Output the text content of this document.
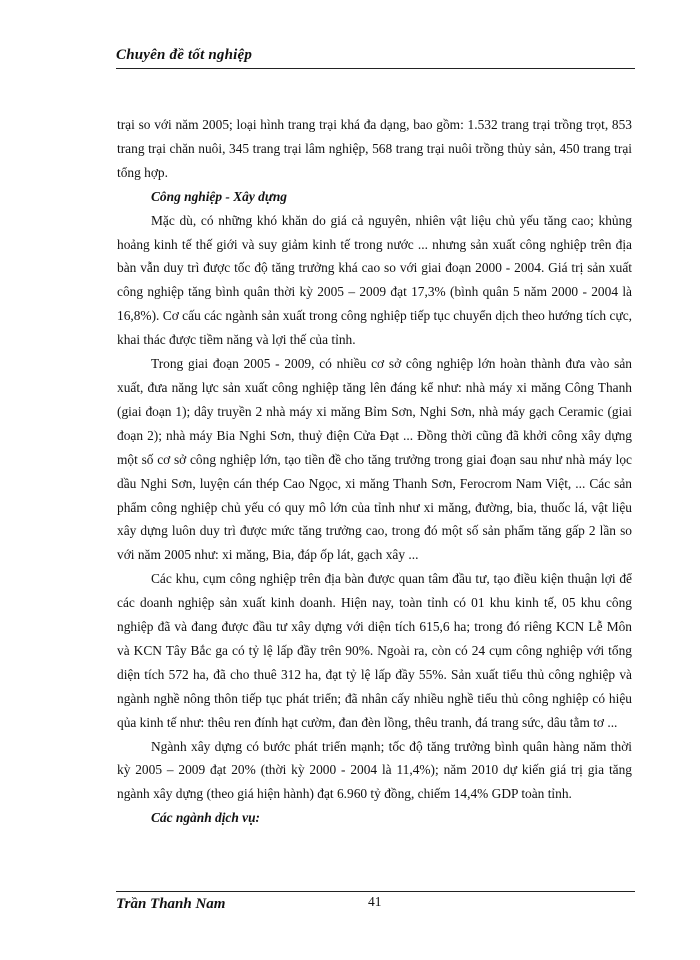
Chuyên đề tốt nghiệp

trại so với năm 2005; loại hình trang trại khá đa dạng, bao gồm: 1.532 trang trại trồng trọt, 853 trang trại chăn nuôi, 345 trang trại lâm nghiệp, 568 trang trại nuôi trồng thủy sản, 450 trang trại tổng hợp.

Công nghiệp - Xây dựng

Mặc dù, có những khó khăn do giá cả nguyên, nhiên vật liệu chủ yếu tăng cao; khủng hoảng kinh tế thế giới và suy giảm kinh tế trong nước ... nhưng sản xuất công nghiệp trên địa bàn vẫn duy trì được tốc độ tăng trưởng khá cao so với giai đoạn 2000 - 2004. Giá trị sản xuất công nghiệp tăng bình quân thời kỳ 2005 – 2009 đạt 17,3% (bình quân 5 năm 2000 - 2004 là 16,8%). Cơ cấu các ngành sản xuất trong công nghiệp tiếp tục chuyển dịch theo hướng tích cực, khai thác được tiềm năng và lợi thế của tỉnh.

Trong giai đoạn 2005 - 2009, có nhiều cơ sở công nghiệp lớn hoàn thành đưa vào sản xuất, đưa năng lực sản xuất công nghiệp tăng lên đáng kể như: nhà máy xi măng Công Thanh (giai đoạn 1); dây truyền 2 nhà máy xi măng Bỉm Sơn, Nghi Sơn, nhà máy gạch Ceramic (giai đoạn 2); nhà máy Bia Nghi Sơn, thuỷ điện Cửa Đạt ... Đồng thời cũng đã khởi công xây dựng một số cơ sở công nghiệp lớn, tạo tiền đề cho tăng trưởng trong giai đoạn sau như nhà máy lọc dầu Nghi Sơn, luyện cán thép Cao Ngọc, xi măng Thanh Sơn, Ferocrom Nam Việt, ... Các sản phẩm công nghiệp chủ yếu có quy mô lớn của tỉnh như xi măng, đường, bia, thuốc lá, vật liệu xây dựng luôn duy trì được mức tăng trưởng cao, trong đó một số sản phẩm tăng gấp 2 lần so với năm 2005 như: xi măng, Bia, đáp ốp lát, gạch xây ...

Các khu, cụm công nghiệp trên địa bàn được quan tâm đầu tư, tạo điều kiện thuận lợi để các doanh nghiệp sản xuất kinh doanh. Hiện nay, toàn tỉnh có 01 khu kinh tế, 05 khu công nghiệp đã và đang được đầu tư xây dựng với diện tích 615,6 ha; trong đó riêng KCN Lễ Môn và KCN Tây Bắc ga có tỷ lệ lấp đầy trên 90%. Ngoài ra, còn có 24 cụm công nghiệp với tổng diện tích 572 ha, đã cho thuê 312 ha, đạt tỷ lệ lấp đầy 55%. Sản xuất tiểu thủ công nghiệp và ngành nghề nông thôn tiếp tục phát triển; đã nhân cấy nhiều nghề tiểu thủ công nghiệp có hiệu qủa kinh tế như: thêu ren đính hạt cườm, đan đèn lồng, thêu tranh, đá trang sức, dâu tằm tơ ...

Ngành xây dựng có bước phát triển mạnh; tốc độ tăng trưởng bình quân hàng năm thời kỳ 2005 – 2009 đạt 20% (thời kỳ 2000 - 2004 là 11,4%); năm 2010 dự kiến giá trị gia tăng ngành xây dựng (theo giá hiện hành) đạt 6.960 tỷ đồng, chiếm 14,4% GDP toàn tỉnh.

Các ngành dịch vụ:

Trần Thanh Nam	41
